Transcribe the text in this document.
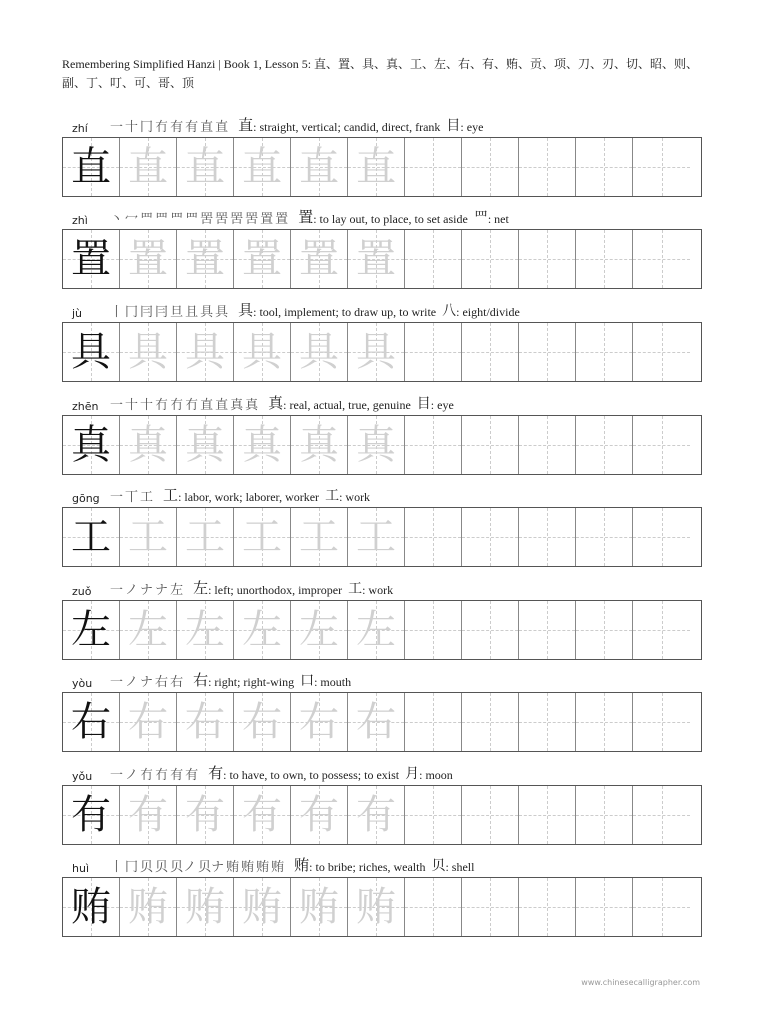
Remembering Simplified Hanzi | Book 1, Lesson 5: 直、置、具、真、工、左、右、有、贿、贡、项、刀、刃、切、昭、则、副、丁、叮、可、哥、顶
zhí	一 十 冂 冇 有 有 直 直 直 : straight, vertical; candid, direct, frank 目 : eye
直 直 直 直 直 直
zhì	丶 冖 罒 罒 罒 罒 罟 罟 罟 罟 置 置 置 : to lay out, to place, to set aside 罒 : net
置 置 置 置 置 置
jù	丨 冂 冃 冃 旦 且 具 具 具 : tool, implement; to draw up, to write 八 : eight/divide
具 具 具 具 具 具
zhēn 一 十 十 冇 冇 冇 直 直 真 真 真 : real, actual, true, genuine 目 : eye
真 真 真 真 真 真
gōng 一 丅 工 工 : labor, work; laborer, worker 工 : work
工 工 工 工 工 工
zuǒ	一 ノ ナ ナ 左 左 : left; unorthodox, improper 工 : work
左 左 左 左 左 左
yòu	一 ノ ナ 右 右 右 : right; right-wing 口 : mouth
右 右 右 右 右 右
yǒu	一 ノ 冇 冇 有 有 有 : to have, to own, to possess; to exist 月 : moon
有 有 有 有 有 有
huì	丨 冂 贝 贝 贝ノ 贝ナ 贿 贿 贿 贿 贿 : to bribe; riches, wealth 贝 : shell
贿 贿 贿 贿 贿 贿
www.chinesecalligrapher.com
